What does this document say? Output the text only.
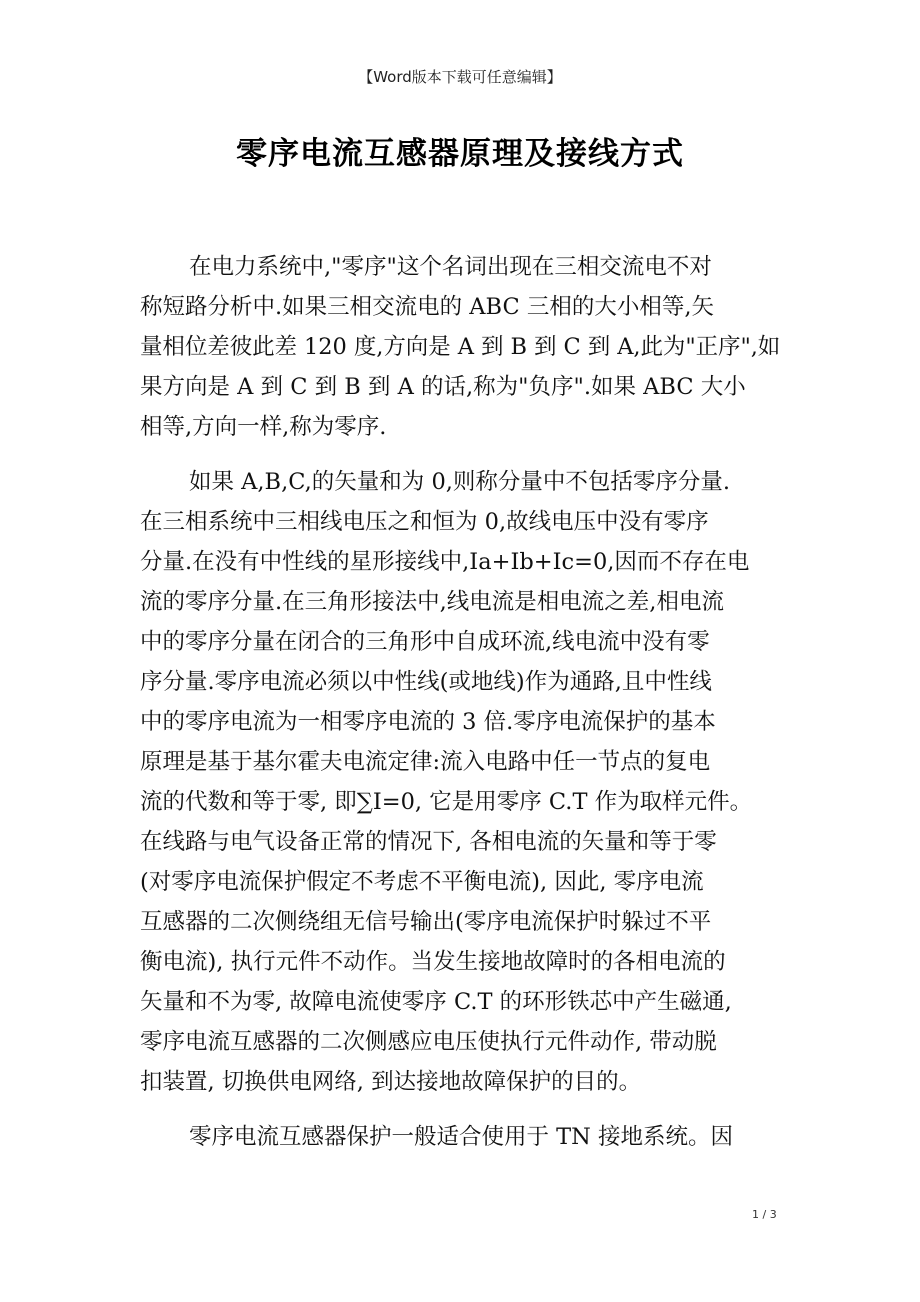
【Word版本下载可任意编辑】
零序电流互感器原理及接线方式
在电力系统中,"零序"这个名词出现在三相交流电不对
称短路分析中.如果三相交流电的 ABC 三相的大小相等,矢
量相位差彼此差 120 度,方向是 A 到 B 到 C 到 A,此为"正序",如
果方向是 A 到 C 到 B 到 A 的话,称为"负序".如果 ABC 大小
相等,方向一样,称为零序.
如果 A,B,C,的矢量和为 0,则称分量中不包括零序分量.
在三相系统中三相线电压之和恒为 0,故线电压中没有零序
分量.在没有中性线的星形接线中,Ia+Ib+Ic=0,因而不存在电
流的零序分量.在三角形接法中,线电流是相电流之差,相电流
中的零序分量在闭合的三角形中自成环流,线电流中没有零
序分量.零序电流必须以中性线(或地线)作为通路,且中性线
中的零序电流为一相零序电流的 3 倍.零序电流保护的基本
原理是基于基尔霍夫电流定律:流入电路中任一节点的复电
流的代数和等于零, 即∑I=0, 它是用零序 C.T 作为取样元件。
在线路与电气设备正常的情况下, 各相电流的矢量和等于零
(对零序电流保护假定不考虑不平衡电流), 因此, 零序电流
互感器的二次侧绕组无信号输出(零序电流保护时躲过不平
衡电流), 执行元件不动作。当发生接地故障时的各相电流的
矢量和不为零, 故障电流使零序 C.T 的环形铁芯中产生磁通,
零序电流互感器的二次侧感应电压使执行元件动作, 带动脱
扣装置, 切换供电网络, 到达接地故障保护的目的。
零序电流互感器保护一般适合使用于 TN 接地系统。因
1 / 3
